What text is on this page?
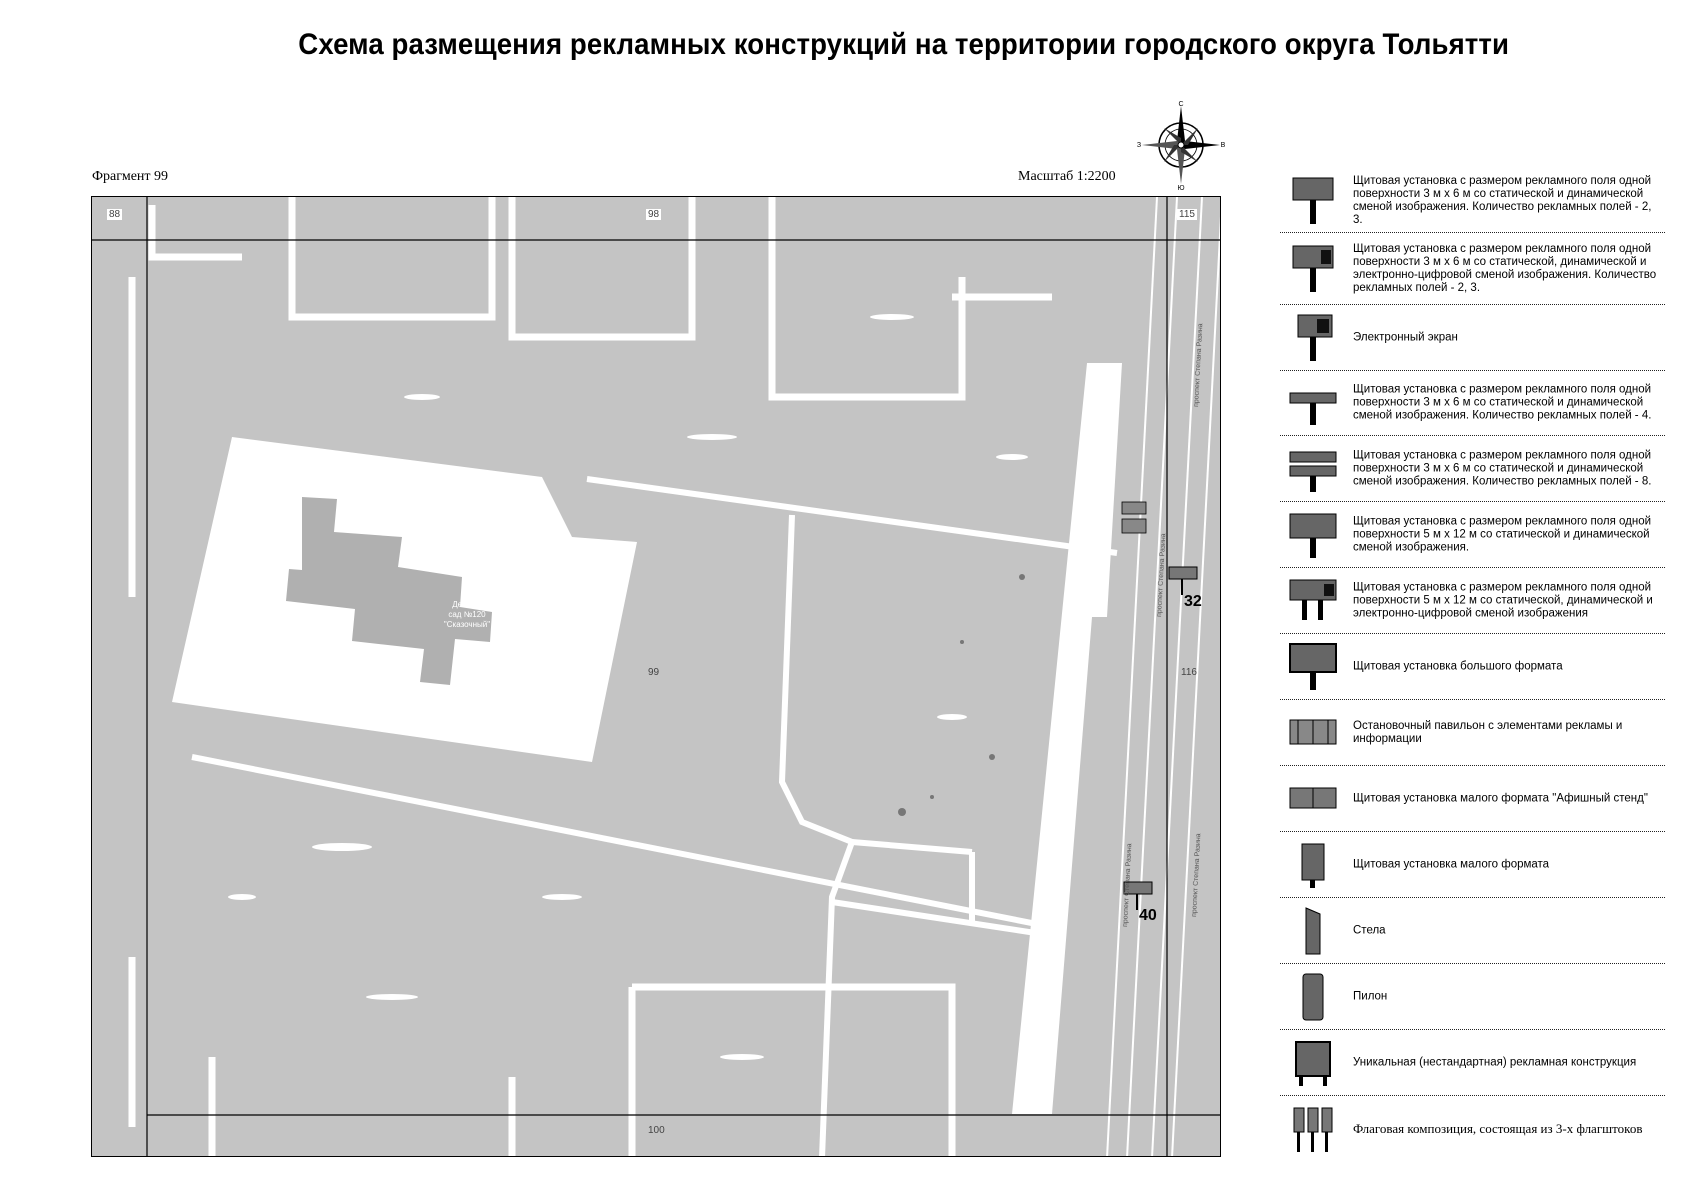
Схема размещения рекламных конструкций на территории городского округа Тольятти
Фрагмент 99	Масштаб 1:2200
С
Ю
В
З
Детский
сад №120
"Сказочный"
проспект Степана Разина
проспект Степана Разина
проспект Степана Разина
проспект Степана Разина
88	98	115
99	116
100
32
40
Щитовая установка с размером рекламного поля одной поверхности 3 м х 6 м со статической и динамической сменой изображения. Количество рекламных полей - 2, 3.
Щитовая установка с размером рекламного поля одной поверхности 3 м х 6 м со статической, динамической и электронно-цифровой сменой изображения. Количество рекламных полей - 2, 3.
Электронный экран
Щитовая установка с размером рекламного поля одной поверхности 3 м х 6 м со статической и динамической сменой изображения. Количество рекламных полей - 4.
Щитовая установка с размером рекламного поля одной поверхности 3 м х 6 м со статической и динамической сменой изображения. Количество рекламных полей - 8.
Щитовая установка с размером рекламного поля одной поверхности 5 м х 12 м со статической и динамической сменой изображения.
Щитовая установка с размером рекламного поля одной поверхности 5 м х 12 м со статической, динамической и электронно-цифровой сменой изображения
Щитовая установка большого формата
Остановочный павильон с элементами рекламы и информации
Щитовая установка малого формата "Афишный стенд"
Щитовая установка малого формата
Стела
Пилон
Уникальная (нестандартная) рекламная конструкция
Флаговая композиция, состоящая из 3-х флагштоков
